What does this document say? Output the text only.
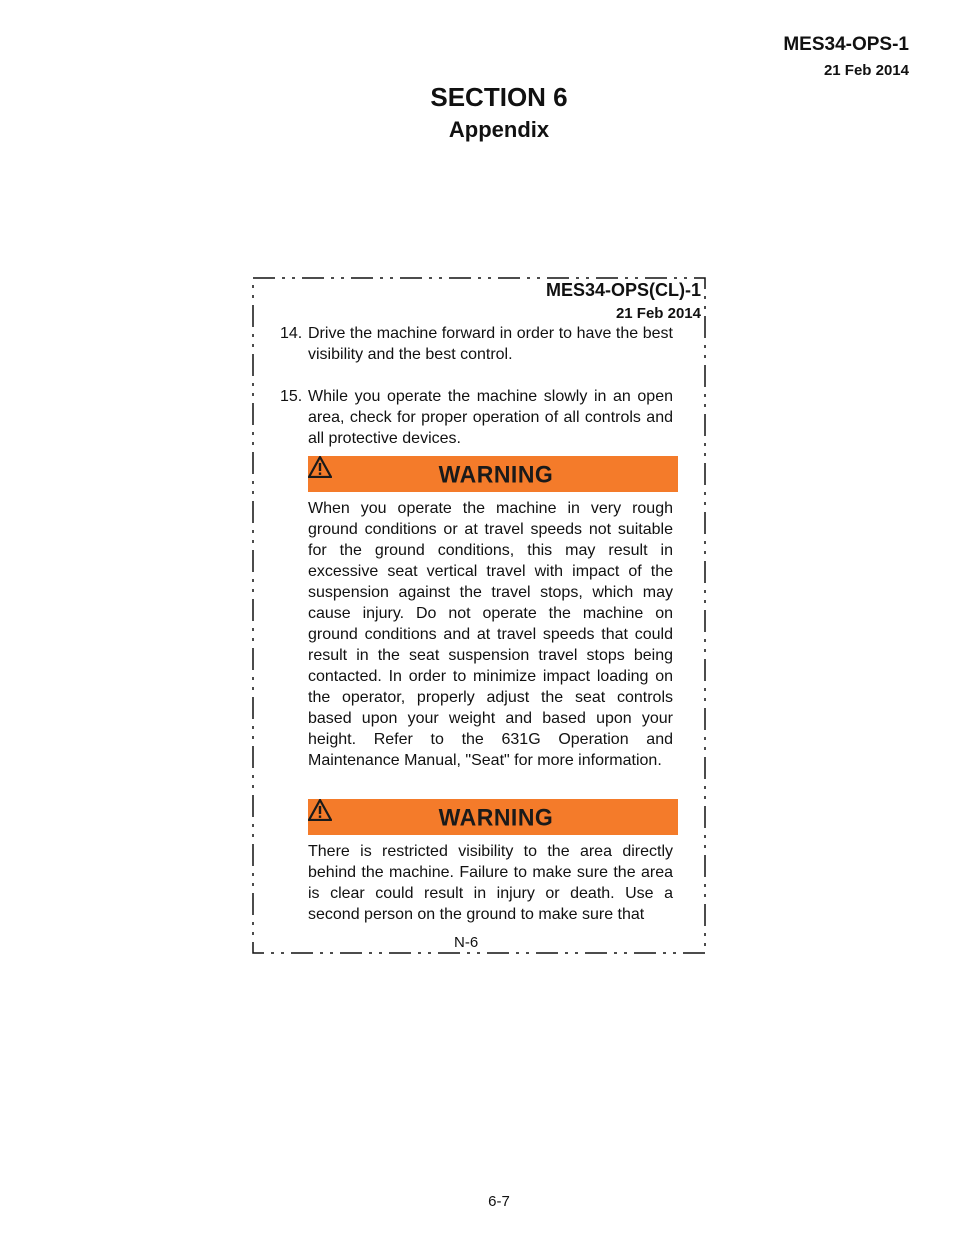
MES34-OPS-1
21 Feb 2014
SECTION 6
Appendix
MES34-OPS(CL)-1
21 Feb 2014
14. Drive the machine forward in order to have the best visibility and the best control.
15. While you operate the machine slowly in an open area, check for proper operation of all controls and all protective devices.
WARNING
When you operate the machine in very rough ground conditions or at travel speeds not suitable for the ground conditions, this may result in excessive seat vertical travel with impact of the suspension against the travel stops, which may cause injury. Do not operate the machine on ground conditions and at travel speeds that could result in the seat suspension travel stops being contacted. In order to minimize impact loading on the operator, properly adjust the seat controls based upon your weight and based upon your height. Refer to the 631G Operation and Maintenance Manual, "Seat" for more information.
WARNING
There is restricted visibility to the area directly behind the machine. Failure to make sure the area is clear could result in injury or death. Use a second person on the ground to make sure that
N-6
6-7
